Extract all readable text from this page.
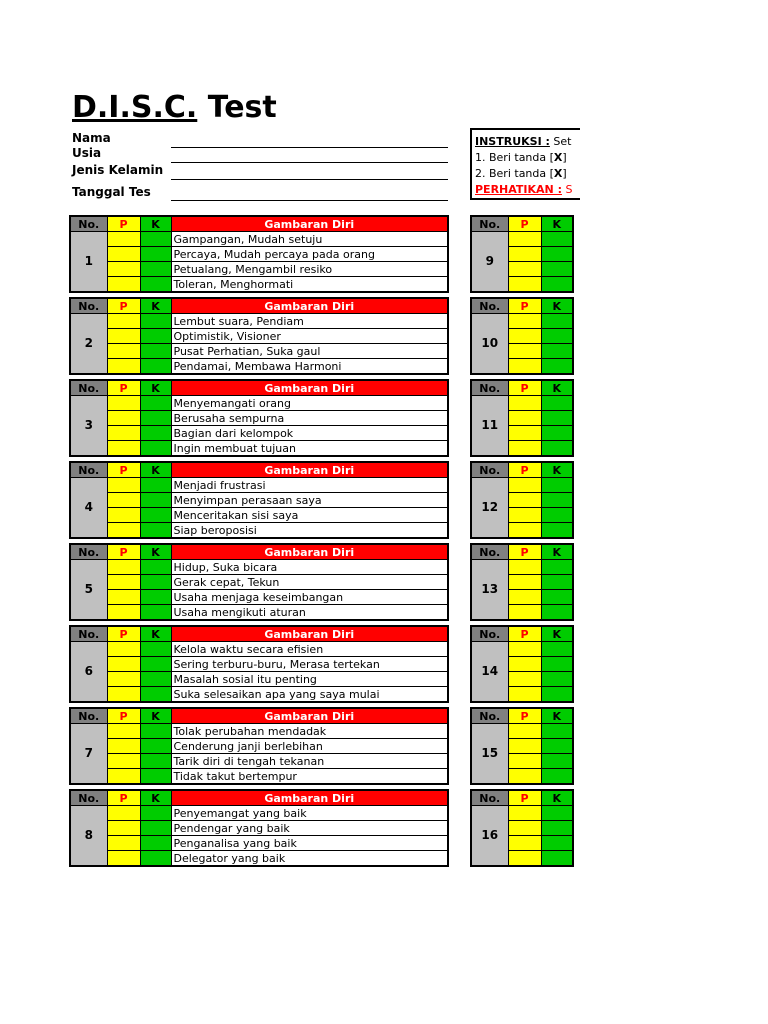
D.I.S.C. Test
Nama
Usia
Jenis Kelamin
Tanggal Tes
INSTRUKSI : Set
1. Beri tanda [X]
2. Beri tanda [X]
PERHATIKAN : S
No.	P	K	Gambaran Diri
1			Gampangan, Mudah setuju
			Percaya, Mudah percaya pada orang
			Petualang, Mengambil resiko
			Toleran, Menghormati
No.	P	K
9		

No.	P	K	Gambaran Diri
2			Lembut suara, Pendiam
			Optimistik, Visioner
			Pusat Perhatian, Suka gaul
			Pendamai, Membawa Harmoni
No.	P	K
10		

No.	P	K	Gambaran Diri
3			Menyemangati orang
			Berusaha sempurna
			Bagian dari kelompok
			Ingin membuat tujuan
No.	P	K
11		

No.	P	K	Gambaran Diri
4			Menjadi frustrasi
			Menyimpan perasaan saya
			Menceritakan sisi saya
			Siap beroposisi
No.	P	K
12		

No.	P	K	Gambaran Diri
5			Hidup, Suka bicara
			Gerak cepat, Tekun
			Usaha menjaga keseimbangan
			Usaha mengikuti aturan
No.	P	K
13		

No.	P	K	Gambaran Diri
6			Kelola waktu secara efisien
			Sering terburu-buru, Merasa tertekan
			Masalah sosial itu penting
			Suka selesaikan apa yang saya mulai
No.	P	K
14		

No.	P	K	Gambaran Diri
7			Tolak perubahan mendadak
			Cenderung janji berlebihan
			Tarik diri di tengah tekanan
			Tidak takut bertempur
No.	P	K
15		

No.	P	K	Gambaran Diri
8			Penyemangat yang baik
			Pendengar yang baik
			Penganalisa yang baik
			Delegator yang baik
No.	P	K
16		
